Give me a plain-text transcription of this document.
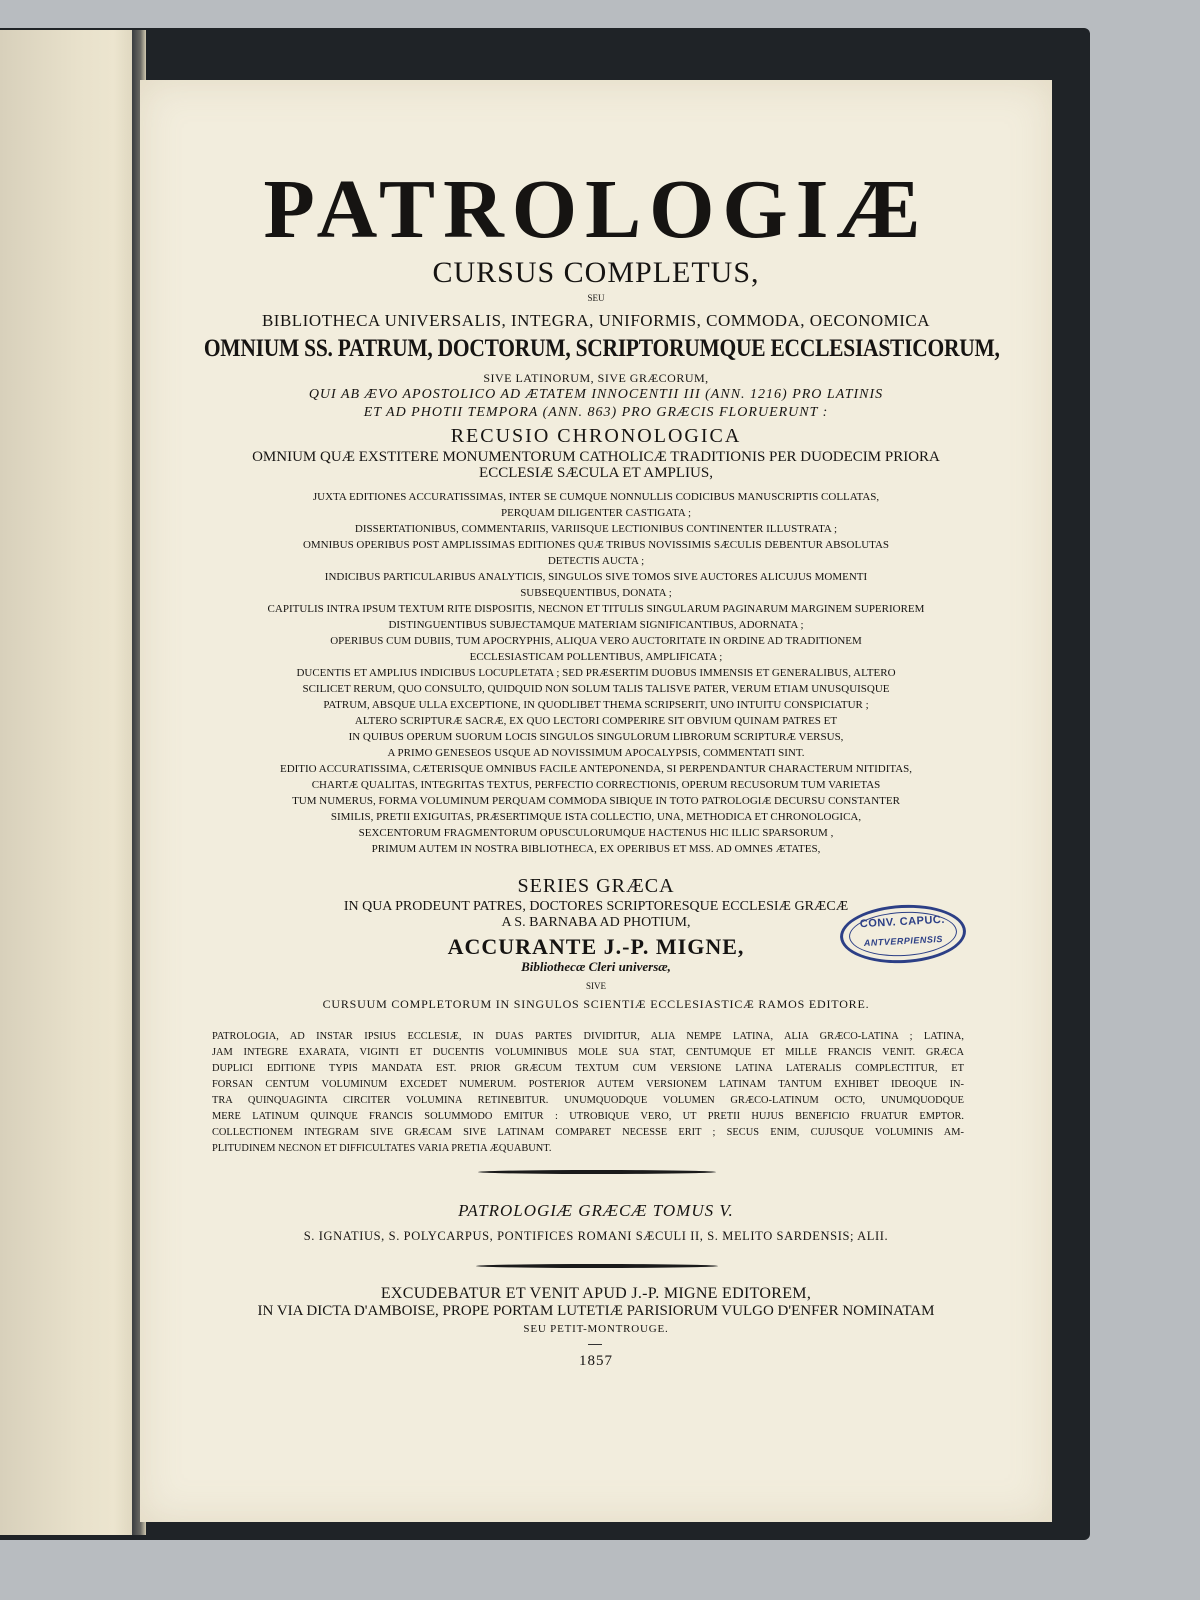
PATROLOGIÆ
CURSUS COMPLETUS,
SEU
BIBLIOTHECA UNIVERSALIS, INTEGRA, UNIFORMIS, COMMODA, OECONOMICA
OMNIUM SS. PATRUM, DOCTORUM, SCRIPTORUMQUE ECCLESIASTICORUM,
SIVE LATINORUM, SIVE GRÆCORUM,
QUI AB ÆVO APOSTOLICO AD ÆTATEM INNOCENTII III (ANN. 1216) PRO LATINIS
ET AD PHOTII TEMPORA (ANN. 863) PRO GRÆCIS FLORUERUNT :
RECUSIO CHRONOLOGICA
OMNIUM QUÆ EXSTITERE MONUMENTORUM CATHOLICÆ TRADITIONIS PER DUODECIM PRIORA
ECCLESIÆ SÆCULA ET AMPLIUS,
JUXTA EDITIONES ACCURATISSIMAS, INTER SE CUMQUE NONNULLIS CODICIBUS MANUSCRIPTIS COLLATAS,
PERQUAM DILIGENTER CASTIGATA ;
DISSERTATIONIBUS, COMMENTARIIS, VARIISQUE LECTIONIBUS CONTINENTER ILLUSTRATA ;
OMNIBUS OPERIBUS POST AMPLISSIMAS EDITIONES QUÆ TRIBUS NOVISSIMIS SÆCULIS DEBENTUR ABSOLUTAS
DETECTIS AUCTA ;
INDICIBUS PARTICULARIBUS ANALYTICIS, SINGULOS SIVE TOMOS SIVE AUCTORES ALICUJUS MOMENTI
SUBSEQUENTIBUS, DONATA ;
CAPITULIS INTRA IPSUM TEXTUM RITE DISPOSITIS, NECNON ET TITULIS SINGULARUM PAGINARUM MARGINEM SUPERIOREM
DISTINGUENTIBUS SUBJECTAMQUE MATERIAM SIGNIFICANTIBUS, ADORNATA ;
OPERIBUS CUM DUBIIS, TUM APOCRYPHIS, ALIQUA VERO AUCTORITATE IN ORDINE AD TRADITIONEM
ECCLESIASTICAM POLLENTIBUS, AMPLIFICATA ;
DUCENTIS ET AMPLIUS INDICIBUS LOCUPLETATA ; SED PRÆSERTIM DUOBUS IMMENSIS ET GENERALIBUS, ALTERO
SCILICET RERUM, QUO CONSULTO, QUIDQUID NON SOLUM TALIS TALISVE PATER, VERUM ETIAM UNUSQUISQUE
PATRUM, ABSQUE ULLA EXCEPTIONE, IN QUODLIBET THEMA SCRIPSERIT, UNO INTUITU CONSPICIATUR ;
ALTERO SCRIPTURÆ SACRÆ, EX QUO LECTORI COMPERIRE SIT OBVIUM QUINAM PATRES ET
IN QUIBUS OPERUM SUORUM LOCIS SINGULOS SINGULORUM LIBRORUM SCRIPTURÆ VERSUS,
A PRIMO GENESEOS USQUE AD NOVISSIMUM APOCALYPSIS, COMMENTATI SINT.
EDITIO ACCURATISSIMA, CÆTERISQUE OMNIBUS FACILE ANTEPONENDA, SI PERPENDANTUR CHARACTERUM NITIDITAS,
CHARTÆ QUALITAS, INTEGRITAS TEXTUS, PERFECTIO CORRECTIONIS, OPERUM RECUSORUM TUM VARIETAS
TUM NUMERUS, FORMA VOLUMINUM PERQUAM COMMODA SIBIQUE IN TOTO PATROLOGIÆ DECURSU CONSTANTER
SIMILIS, PRETII EXIGUITAS, PRÆSERTIMQUE ISTA COLLECTIO, UNA, METHODICA ET CHRONOLOGICA,
SEXCENTORUM FRAGMENTORUM OPUSCULORUMQUE HACTENUS HIC ILLIC SPARSORUM ,
PRIMUM AUTEM IN NOSTRA BIBLIOTHECA, EX OPERIBUS ET MSS. AD OMNES ÆTATES,
SERIES GRÆCA
IN QUA PRODEUNT PATRES, DOCTORES SCRIPTORESQUE ECCLESIÆ GRÆCÆ
A S. BARNABA AD PHOTIUM,
ACCURANTE J.-P. MIGNE,
Bibliothecæ Cleri universæ,
SIVE
CURSUUM COMPLETORUM IN SINGULOS SCIENTIÆ ECCLESIASTICÆ RAMOS EDITORE.
PATROLOGIA, AD INSTAR IPSIUS ECCLESIÆ, IN DUAS PARTES DIVIDITUR, ALIA NEMPE LATINA, ALIA GRÆCO-LATINA ; LATINA,
JAM INTEGRE EXARATA, VIGINTI ET DUCENTIS VOLUMINIBUS MOLE SUA STAT, CENTUMQUE ET MILLE FRANCIS VENIT. GRÆCA
DUPLICI EDITIONE TYPIS MANDATA EST. PRIOR GRÆCUM TEXTUM CUM VERSIONE LATINA LATERALIS COMPLECTITUR, ET
FORSAN CENTUM VOLUMINUM EXCEDET NUMERUM. POSTERIOR AUTEM VERSIONEM LATINAM TANTUM EXHIBET IDEOQUE IN-
TRA QUINQUAGINTA CIRCITER VOLUMINA RETINEBITUR. UNUMQUODQUE VOLUMEN GRÆCO-LATINUM OCTO, UNUMQUODQUE
MERE LATINUM QUINQUE FRANCIS SOLUMMODO EMITUR : UTROBIQUE VERO, UT PRETII HUJUS BENEFICIO FRUATUR EMPTOR.
COLLECTIONEM INTEGRAM SIVE GRÆCAM SIVE LATINAM COMPARET NECESSE ERIT ; SECUS ENIM, CUJUSQUE VOLUMINIS AM-
PLITUDINEM NECNON ET DIFFICULTATES VARIA PRETIA ÆQUABUNT.
PATROLOGIÆ GRÆCÆ TOMUS V.
S. IGNATIUS, S. POLYCARPUS, PONTIFICES ROMANI SÆCULI II, S. MELITO SARDENSIS; ALII.
EXCUDEBATUR ET VENIT APUD J.-P. MIGNE EDITOREM,
IN VIA DICTA D'AMBOISE, PROPE PORTAM LUTETIÆ PARISIORUM VULGO D'ENFER NOMINATAM
SEU PETIT-MONTROUGE.
1857
CONV. CAPUC.
ANTVERPIENSIS
